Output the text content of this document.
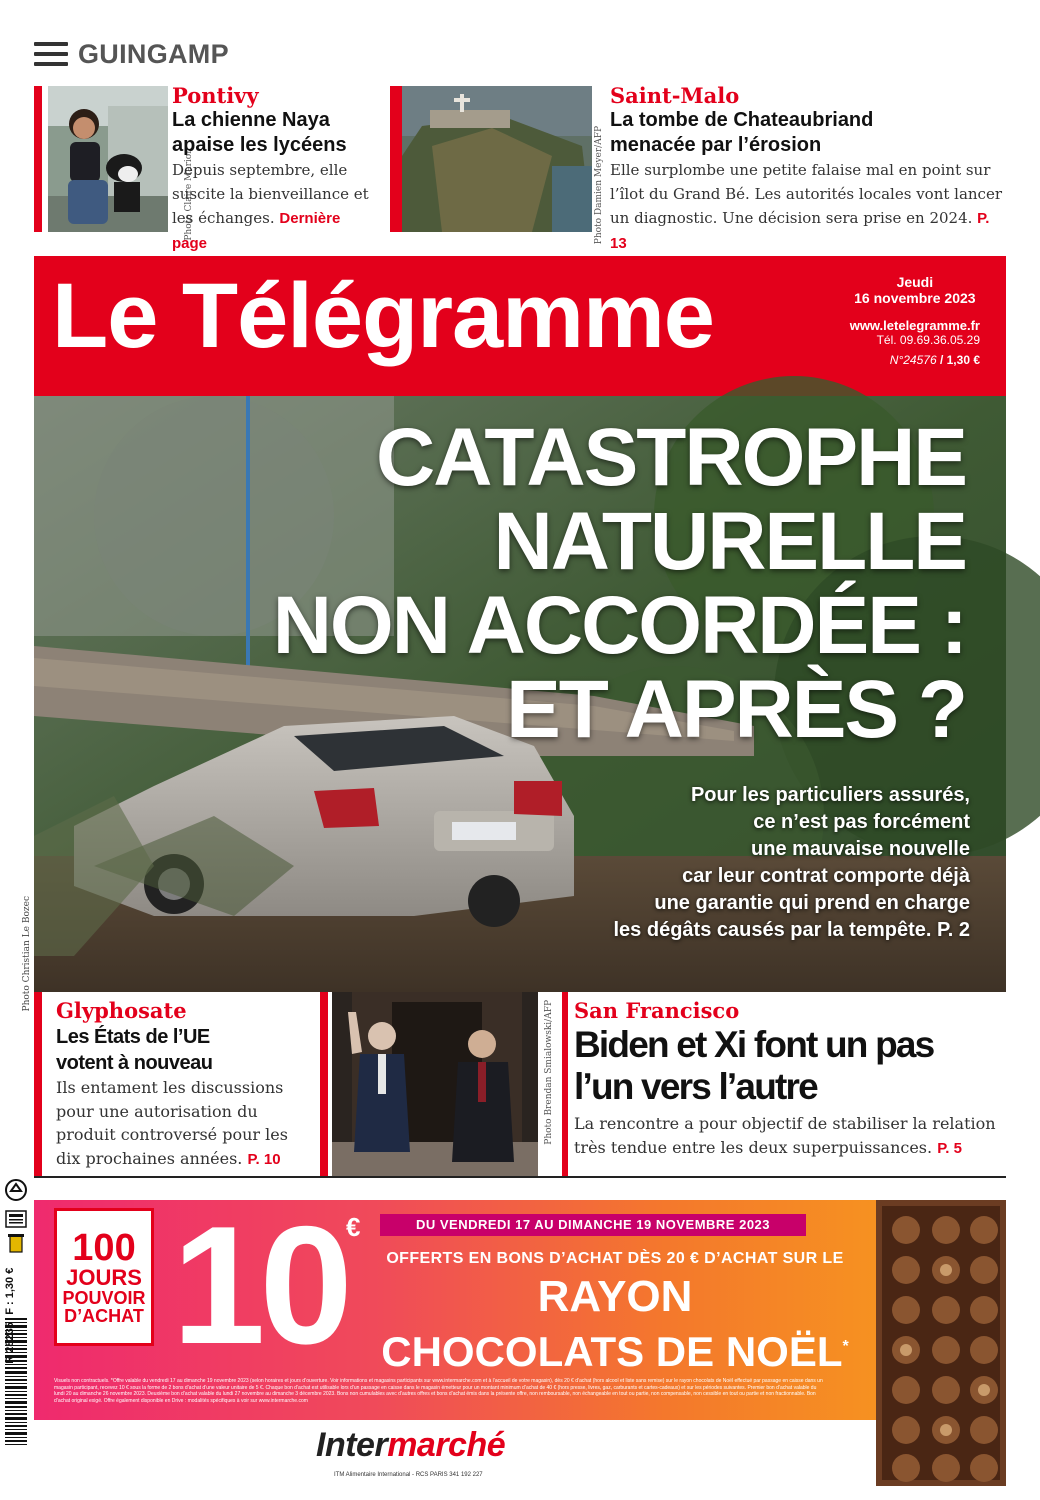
GUINGAMP
Photo Claire Marion
Pontivy
La chienne Naya
apaise les lycéens
Depuis septembre, elle suscite la bienveillance et les échanges. Dernière page	Photo Damien Meyer/AFP
Saint-Malo
La tombe de Chateaubriand
menacée par l’érosion
Elle surplombe une petite falaise mal en point sur l’îlot du Grand Bé. Les autorités locales vont lancer un diagnostic. Une décision sera prise en 2024. P. 13
Le Télégramme	Jeudi
16 novembre 2023
www.letelegramme.fr
Tél. 09.69.36.05.29
N°24576 / 1,30 €
Photo Christian Le Bozec
CATASTROPHE
NATURELLE
NON ACCORDÉE :
ET APRÈS ?
Pour les particuliers assurés,
ce n’est pas forcément
une mauvaise nouvelle
car leur contrat comporte déjà
une garantie qui prend en charge
les dégâts causés par la tempête. P. 2
Glyphosate
Les États de l’UE
votent à nouveau
Ils entament les discussions pour une autorisation du produit controversé pour les dix prochaines années. P. 10
Photo Brendan Smialowski/AFP San Francisco
Biden et Xi font un pas
l’un vers l’autre
La rencontre a pour objectif de stabiliser la relation très tendue entre les deux superpuissances. P. 5
R 28235 F : 1,30 €
100
JOURS
POUVOIR
D’ACHAT 10 €	DU VENDREDI 17 AU DIMANCHE 19 NOVEMBRE 2023
OFFERTS EN BONS D’ACHAT DÈS 20 € D’ACHAT SUR LE
RAYON
CHOCOLATS DE NOËL*
Visuels non contractuels. *Offre valable du vendredi 17 au dimanche 19 novembre 2023 (selon horaires et jours d’ouverture. Voir informations et magasins participants sur www.intermarche.com et à l’accueil de votre magasin), dès 20 € d’achat (hors alcool et liste sans remise) sur le rayon chocolats de Noël effectué par passage en caisse dans un magasin participant, recevez 10 € sous la forme de 2 bons d’achat d’une valeur unitaire de 5 €. Chaque bon d’achat est utilisable lors d’un passage en caisse dans le magasin émetteur pour un montant minimum d’achat de 40 € (hors presse, livres, gaz, carburants et cartes-cadeaux) et sur les périodes suivantes. Premier bon d’achat valable du lundi 20 au dimanche 26 novembre 2023. Deuxième bon d’achat valable du lundi 27 novembre au dimanche 3 décembre 2023. Bons non cumulables avec d’autres offres et bons d’achat émis dans la présente offre, non remboursable, non échangeable en tout ou partie, non compensable, non cessible en tout ou partie et non fractionnable. Bon d’achat original exigé. Offre également disponible en Drive : modalités spécifiques à voir sur www.intermarche.com
Intermarché
ITM Alimentaire International - RCS PARIS 341 192 227
